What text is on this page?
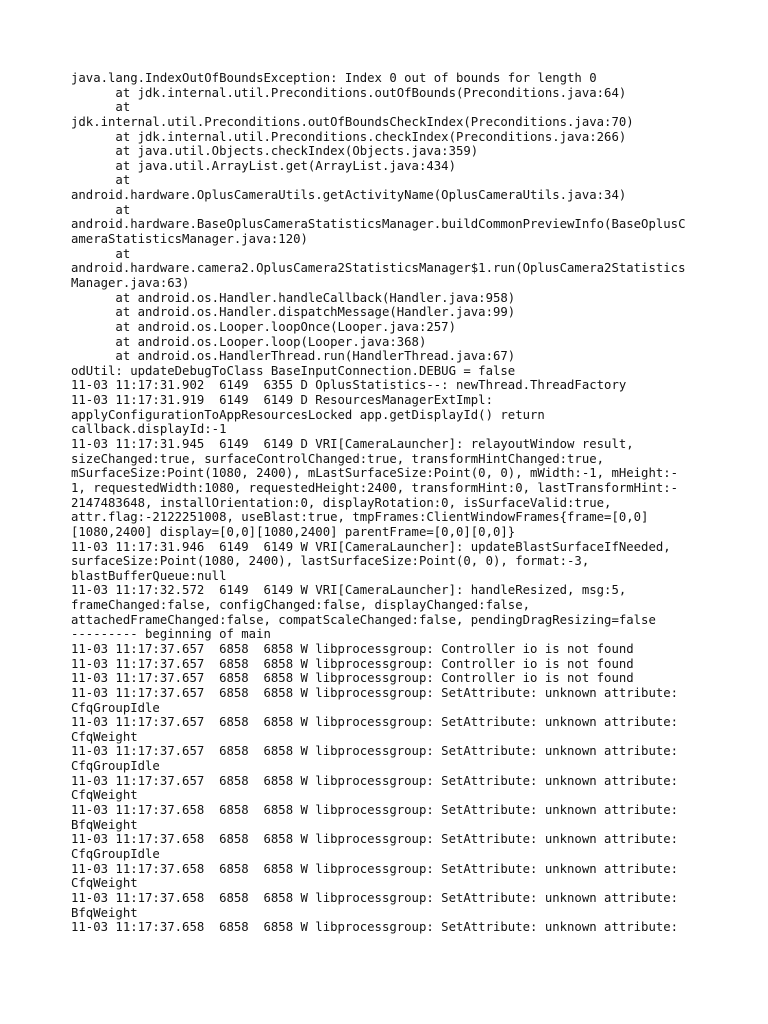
java.lang.IndexOutOfBoundsException: Index 0 out of bounds for length 0
at jdk.internal.util.Preconditions.outOfBounds(Preconditions.java:64)
at
jdk.internal.util.Preconditions.outOfBoundsCheckIndex(Preconditions.java:70)
at jdk.internal.util.Preconditions.checkIndex(Preconditions.java:266)
at java.util.Objects.checkIndex(Objects.java:359)
at java.util.ArrayList.get(ArrayList.java:434)
at
android.hardware.OplusCameraUtils.getActivityName(OplusCameraUtils.java:34)
at
android.hardware.BaseOplusCameraStatisticsManager.buildCommonPreviewInfo(BaseOplusC
ameraStatisticsManager.java:120)
at
android.hardware.camera2.OplusCamera2StatisticsManager$1.run(OplusCamera2Statistics
Manager.java:63)
at android.os.Handler.handleCallback(Handler.java:958)
at android.os.Handler.dispatchMessage(Handler.java:99)
at android.os.Looper.loopOnce(Looper.java:257)
at android.os.Looper.loop(Looper.java:368)
at android.os.HandlerThread.run(HandlerThread.java:67)
odUtil: updateDebugToClass BaseInputConnection.DEBUG = false
11-03 11:17:31.902  6149  6355 D OplusStatistics--: newThread.ThreadFactory
11-03 11:17:31.919  6149  6149 D ResourcesManagerExtImpl:
applyConfigurationToAppResourcesLocked app.getDisplayId() return
callback.displayId:-1
11-03 11:17:31.945  6149  6149 D VRI[CameraLauncher]: relayoutWindow result,
sizeChanged:true, surfaceControlChanged:true, transformHintChanged:true,
mSurfaceSize:Point(1080, 2400), mLastSurfaceSize:Point(0, 0), mWidth:-1, mHeight:-
1, requestedWidth:1080, requestedHeight:2400, transformHint:0, lastTransformHint:-
2147483648, installOrientation:0, displayRotation:0, isSurfaceValid:true,
attr.flag:-2122251008, useBlast:true, tmpFrames:ClientWindowFrames{frame=[0,0]
[1080,2400] display=[0,0][1080,2400] parentFrame=[0,0][0,0]}
11-03 11:17:31.946  6149  6149 W VRI[CameraLauncher]: updateBlastSurfaceIfNeeded,
surfaceSize:Point(1080, 2400), lastSurfaceSize:Point(0, 0), format:-3,
blastBufferQueue:null
11-03 11:17:32.572  6149  6149 W VRI[CameraLauncher]: handleResized, msg:5,
frameChanged:false, configChanged:false, displayChanged:false,
attachedFrameChanged:false, compatScaleChanged:false, pendingDragResizing=false
--------- beginning of main
11-03 11:17:37.657  6858  6858 W libprocessgroup: Controller io is not found
11-03 11:17:37.657  6858  6858 W libprocessgroup: Controller io is not found
11-03 11:17:37.657  6858  6858 W libprocessgroup: Controller io is not found
11-03 11:17:37.657  6858  6858 W libprocessgroup: SetAttribute: unknown attribute:
CfqGroupIdle
11-03 11:17:37.657  6858  6858 W libprocessgroup: SetAttribute: unknown attribute:
CfqWeight
11-03 11:17:37.657  6858  6858 W libprocessgroup: SetAttribute: unknown attribute:
CfqGroupIdle
11-03 11:17:37.657  6858  6858 W libprocessgroup: SetAttribute: unknown attribute:
CfqWeight
11-03 11:17:37.658  6858  6858 W libprocessgroup: SetAttribute: unknown attribute:
BfqWeight
11-03 11:17:37.658  6858  6858 W libprocessgroup: SetAttribute: unknown attribute:
CfqGroupIdle
11-03 11:17:37.658  6858  6858 W libprocessgroup: SetAttribute: unknown attribute:
CfqWeight
11-03 11:17:37.658  6858  6858 W libprocessgroup: SetAttribute: unknown attribute:
BfqWeight
11-03 11:17:37.658  6858  6858 W libprocessgroup: SetAttribute: unknown attribute:
